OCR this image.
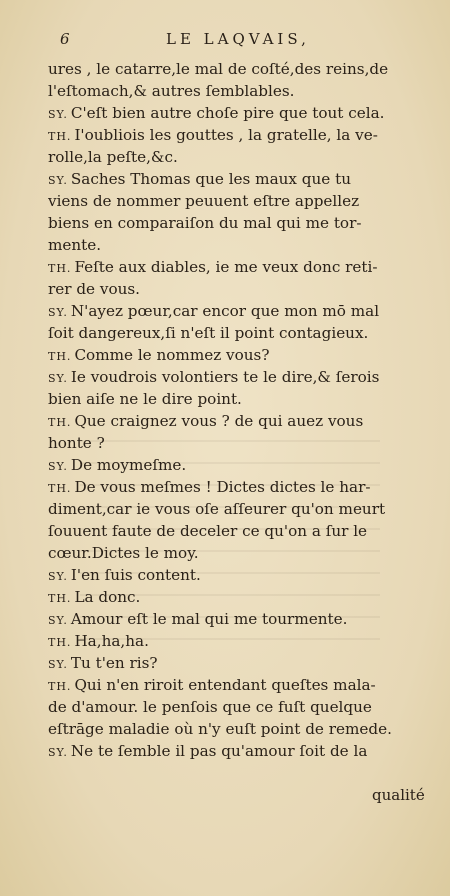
6	LE LAQVAIS,
ures , le catarre,le mal de coſté,des reins,de
l'eſtomach,& autres ſemblables.
SY. C'eſt bien autre choſe pire que tout cela.
TH. I'oubliois les gouttes , la gratelle, la ve-
rolle,la peſte,&c.
SY. Saches Thomas que les maux que tu
viens de nommer peuuent eſtre appellez
biens en comparaiſon du mal qui me tor-
mente.
TH. Feſte aux diables, ie me veux donc reti-
rer de vous.
SY. N'ayez pœur,car encor que mon mō mal
ſoit dangereux,ſi n'eſt il point contagieux.
TH. Comme le nommez vous?
SY. Ie voudrois volontiers te le dire,& ſerois
bien aiſe ne le dire point.
TH. Que craignez vous ? de qui auez vous
honte ?
SY. De moymeſme.
TH. De vous meſmes ! Dictes dictes le har-
diment,car ie vous oſe aſſeurer qu'on meurt
ſouuent faute de deceler ce qu'on a ſur le
cœur.Dictes le moy.
SY. I'en ſuis content.
TH. La donc.
SY. Amour eſt le mal qui me tourmente.
TH. Ha,ha,ha.
SY. Tu t'en ris?
TH. Qui n'en riroit entendant queſtes mala-
de d'amour. le penſois que ce fuſt quelque
eſtrāge maladie où n'y euſt point de remede.
SY. Ne te ſemble il pas qu'amour ſoit de la
qualité
